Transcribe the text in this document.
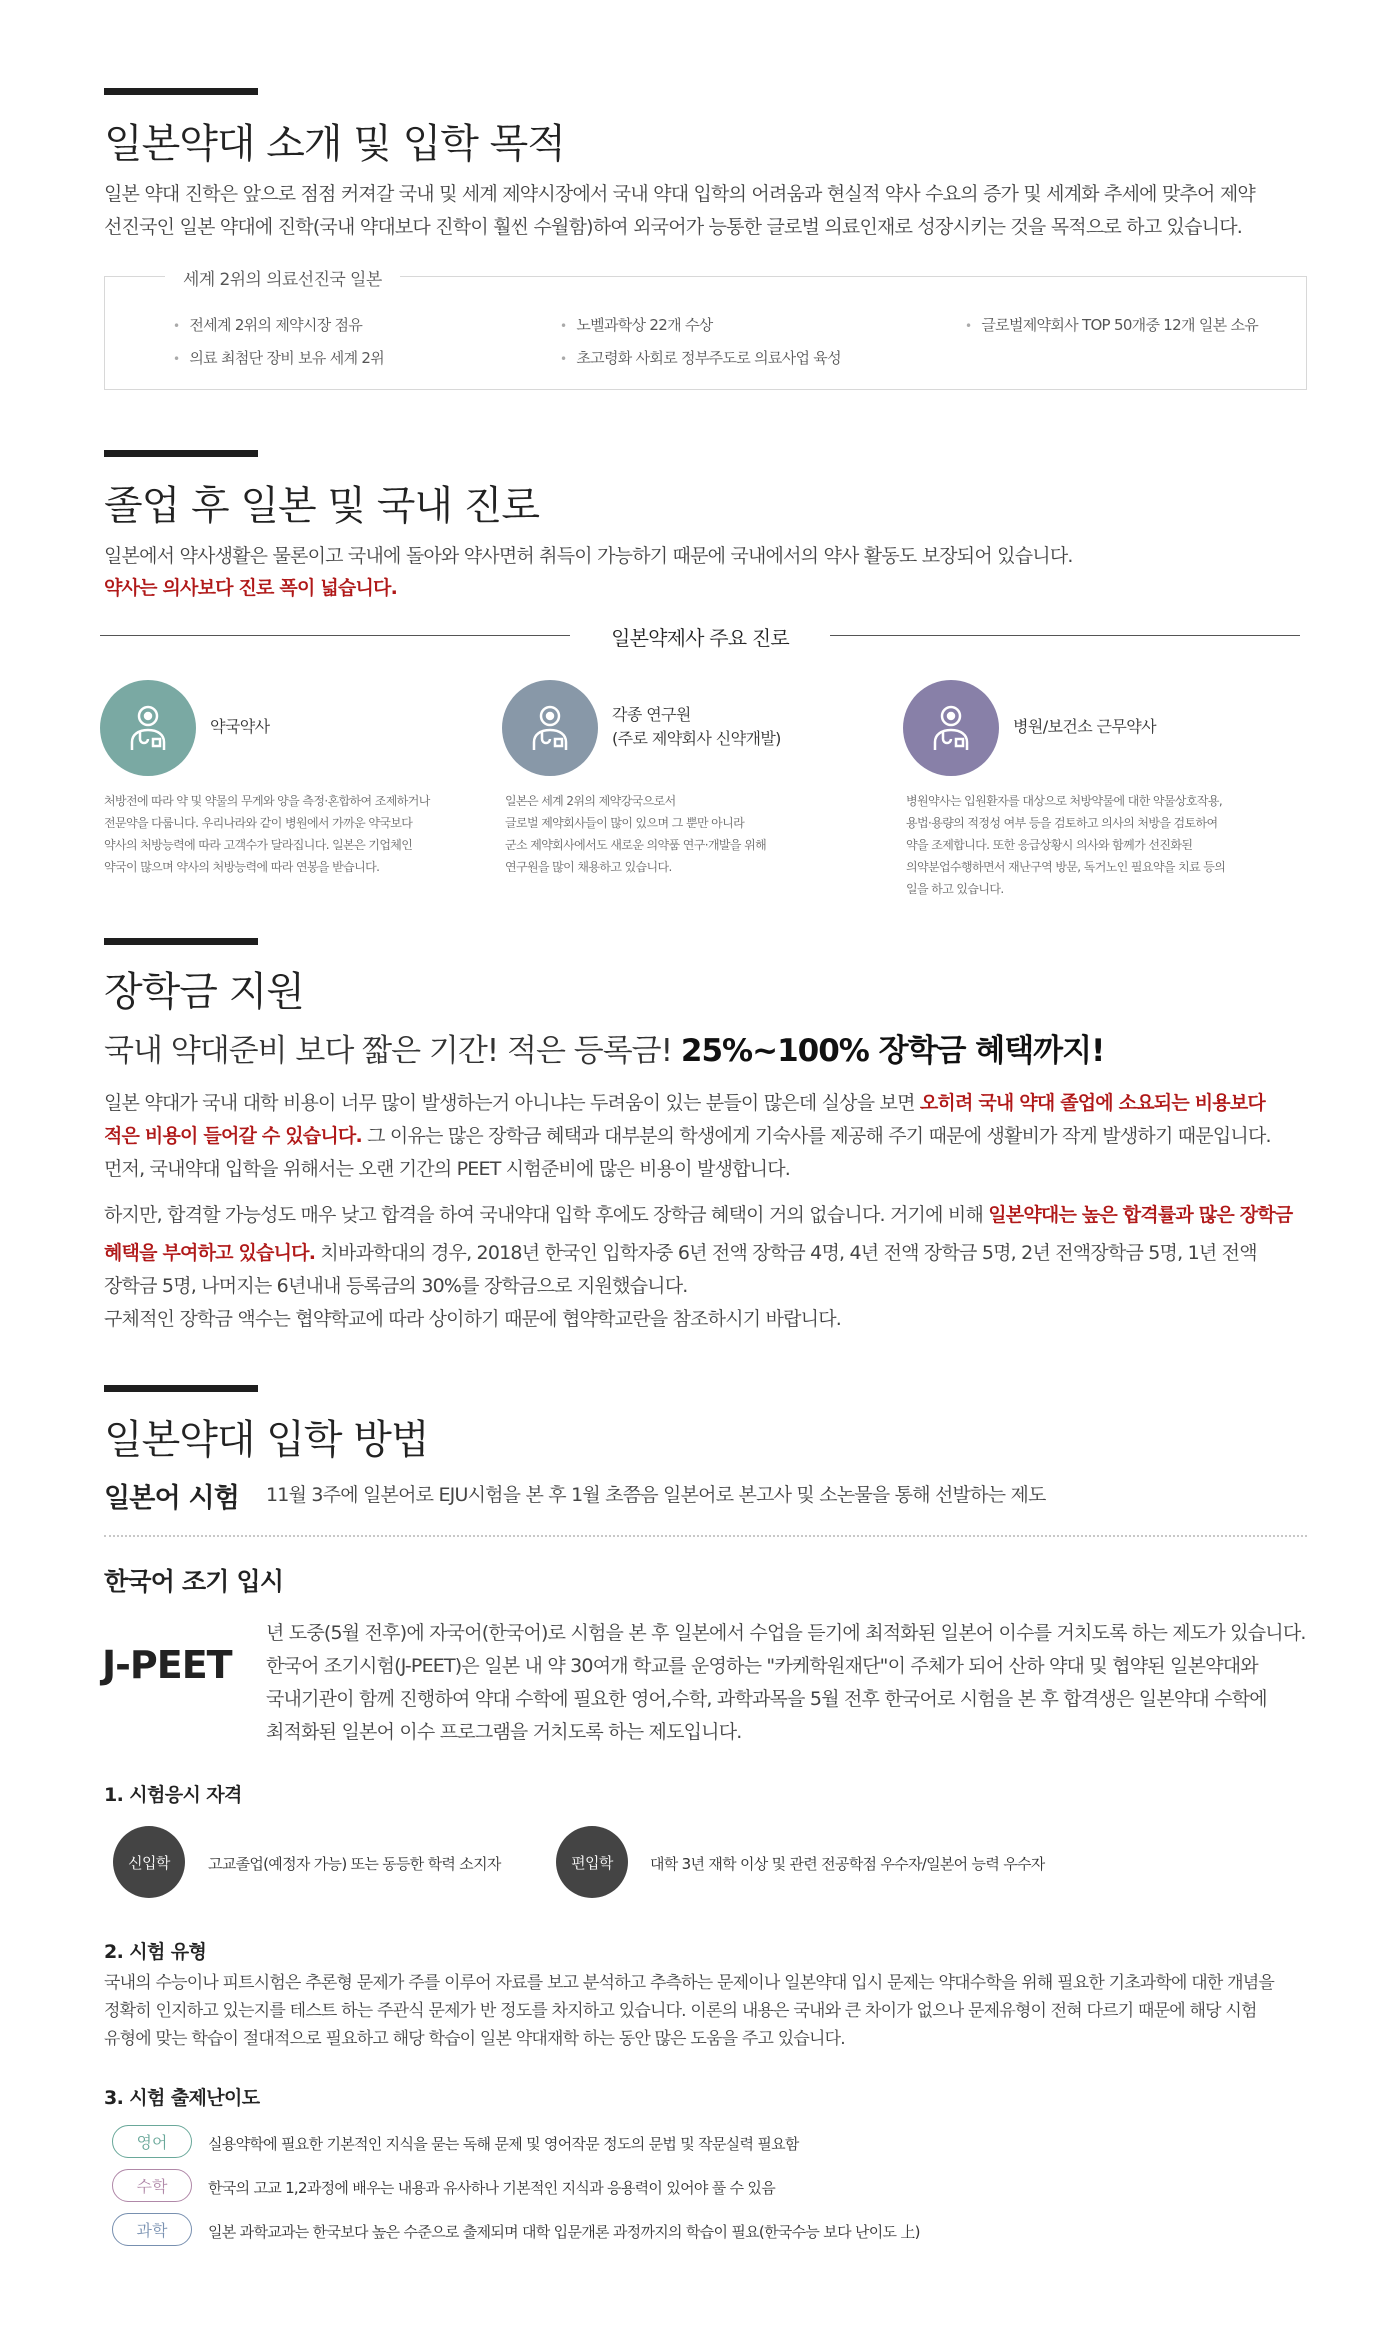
일본약대 소개 및 입학 목적
일본 약대 진학은 앞으로 점점 커져갈 국내 및 세계 제약시장에서 국내 약대 입학의 어려움과 현실적 약사 수요의 증가 및 세계화 추세에 맞추어 제약
선진국인 일본 약대에 진학(국내 약대보다 진학이 훨씬 수월함)하여 외국어가 능통한 글로벌 의료인재로 성장시키는 것을 목적으로 하고 있습니다.
세계 2위의 의료선진국 일본
• 전세계 2위의 제약시장 점유	• 노벨과학상 22개 수상	• 글로벌제약회사 TOP 50개중 12개 일본 소유
• 의료 최첨단 장비 보유 세계 2위	• 초고령화 사회로 정부주도로 의료사업 육성
졸업 후 일본 및 국내 진로
일본에서 약사생활은 물론이고 국내에 돌아와 약사면허 취득이 가능하기 때문에 국내에서의 약사 활동도 보장되어 있습니다.
약사는 의사보다 진로 폭이 넓습니다.
일본약제사 주요 진로
약국약사
처방전에 따라 약 및 약물의 무게와 양을 측정·혼합하여 조제하거나
전문약을 다룹니다. 우리나라와 같이 병원에서 가까운 약국보다
약사의 처방능력에 따라 고객수가 달라집니다. 일본은 기업체인
약국이 많으며 약사의 처방능력에 따라 연봉을 받습니다.
각종 연구원
(주로 제약회사 신약개발)
일본은 세계 2위의 제약강국으로서
글로벌 제약회사들이 많이 있으며 그 뿐만 아니라
군소 제약회사에서도 새로운 의약품 연구·개발을 위해
연구원을 많이 채용하고 있습니다.
병원/보건소 근무약사
병원약사는 입원환자를 대상으로 처방약물에 대한 약물상호작용,
용법·용량의 적정성 여부 등을 검토하고 의사의 처방을 검토하여
약을 조제합니다. 또한 응급상황시 의사와 함께가 선진화된
의약분업수행하면서 재난구역 방문, 독거노인 필요약을 치료 등의
일을 하고 있습니다.
장학금 지원
국내 약대준비 보다 짧은 기간! 적은 등록금! 25%~100% 장학금 혜택까지!
일본 약대가 국내 대학 비용이 너무 많이 발생하는거 아니냐는 두려움이 있는 분들이 많은데 실상을 보면 오히려 국내 약대 졸업에 소요되는 비용보다
적은 비용이 들어갈 수 있습니다. 그 이유는 많은 장학금 혜택과 대부분의 학생에게 기숙사를 제공해 주기 때문에 생활비가 작게 발생하기 때문입니다.
먼저, 국내약대 입학을 위해서는 오랜 기간의 PEET 시험준비에 많은 비용이 발생합니다.
하지만, 합격할 가능성도 매우 낮고 합격을 하여 국내약대 입학 후에도 장학금 혜택이 거의 없습니다. 거기에 비해 일본약대는 높은 합격률과 많은 장학금
혜택을 부여하고 있습니다. 치바과학대의 경우, 2018년 한국인 입학자중 6년 전액 장학금 4명, 4년 전액 장학금 5명, 2년 전액장학금 5명, 1년 전액
장학금 5명, 나머지는 6년내내 등록금의 30%를 장학금으로 지원했습니다.
구체적인 장학금 액수는 협약학교에 따라 상이하기 때문에 협약학교란을 참조하시기 바랍니다.
일본약대 입학 방법
일본어 시험 11월 3주에 일본어로 EJU시험을 본 후 1월 초쯤음 일본어로 본고사 및 소논물을 통해 선발하는 제도
한국어 조기 입시
J-PEET
년 도중(5월 전후)에 자국어(한국어)로 시험을 본 후 일본에서 수업을 듣기에 최적화된 일본어 이수를 거치도록 하는 제도가 있습니다.
한국어 조기시험(J-PEET)은 일본 내 약 30여개 학교를 운영하는 "카케학원재단"이 주체가 되어 산하 약대 및 협약된 일본약대와
국내기관이 함께 진행하여 약대 수학에 필요한 영어,수학, 과학과목을 5월 전후 한국어로 시험을 본 후 합격생은 일본약대 수학에
최적화된 일본어 이수 프로그램을 거치도록 하는 제도입니다.
1. 시험응시 자격
신입학	고교졸업(예정자 가능) 또는 동등한 학력 소지자	편입학	대학 3년 재학 이상 및 관련 전공학점 우수자/일본어 능력 우수자
2. 시험 유형
국내의 수능이나 피트시험은 추론형 문제가 주를 이루어 자료를 보고 분석하고 추측하는 문제이나 일본약대 입시 문제는 약대수학을 위해 필요한 기초과학에 대한 개념을
정확히 인지하고 있는지를 테스트 하는 주관식 문제가 반 정도를 차지하고 있습니다. 이론의 내용은 국내와 큰 차이가 없으나 문제유형이 전혀 다르기 때문에 해당 시험
유형에 맞는 학습이 절대적으로 필요하고 해당 학습이 일본 약대재학 하는 동안 많은 도움을 주고 있습니다.
3. 시험 출제난이도
영어	실용약학에 필요한 기본적인 지식을 묻는 독해 문제 및 영어작문 정도의 문법 및 작문실력 필요함
수학	한국의 고교 1,2과정에 배우는 내용과 유사하나 기본적인 지식과 응용력이 있어야 풀 수 있음
과학	일본 과학교과는 한국보다 높은 수준으로 출제되며 대학 입문개론 과정까지의 학습이 필요(한국수능 보다 난이도 上)
